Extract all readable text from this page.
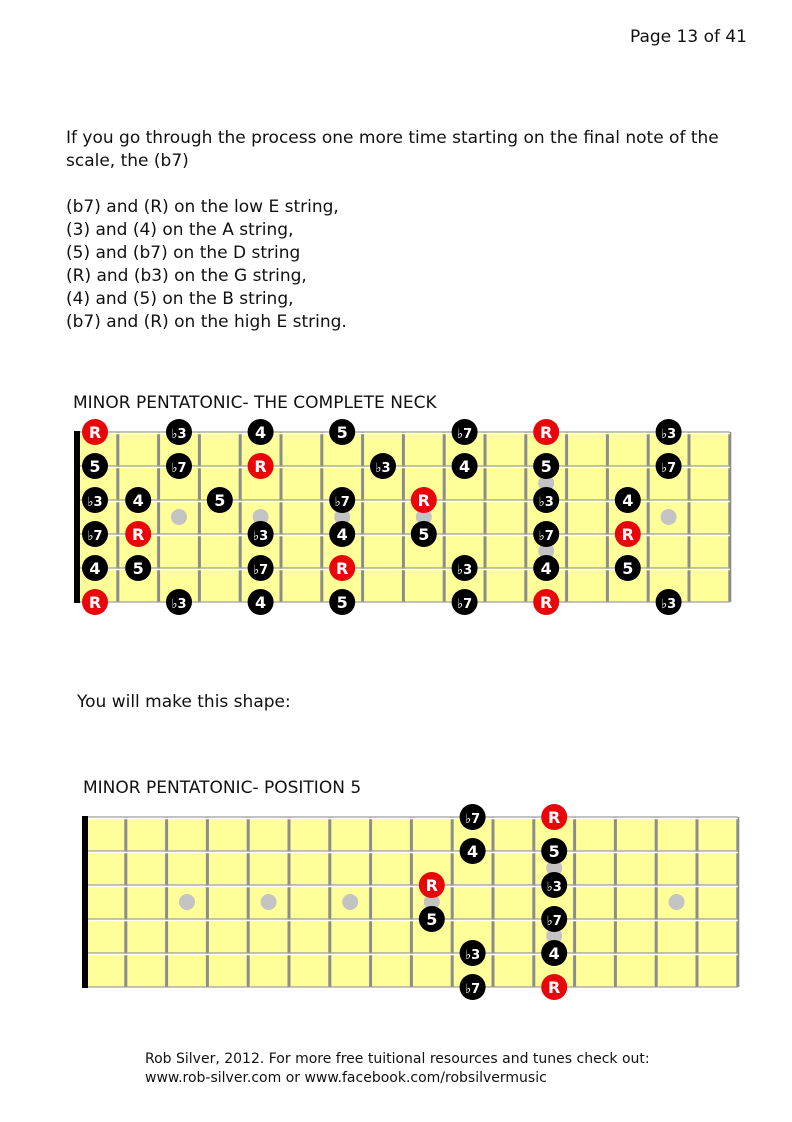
Page 13 of 41

If you go through the process one more time starting on the final note of the scale, the (b7)

(b7) and (R) on the low E string,

(3) and (4) on the A string,

(5) and (b7) on the D string

(R) and (b3) on the G string,

(4) and (5) on the B string,

(b7) and (R) on the high E string.

MINOR PENTATONIC- THE COMPLETE NECK
R	♭3	4	5	♭7	R	♭3
5	♭7	R	♭3	4	5	♭7
♭3 4	5	♭7	R	♭3	4
♭7 R	♭3	4	5	♭7	R
4 5	♭7	R	♭3	4	5
R	♭3	4	5	♭7	R	♭3
You will make this shape:
MINOR PENTATONIC- POSITION 5
♭7	R
4	5
R	♭3
5	♭7
♭3	4
♭7	R
Rob Silver, 2012. For more free tuitional resources and tunes check out:
www.rob-silver.com or www.facebook.com/robsilvermusic
